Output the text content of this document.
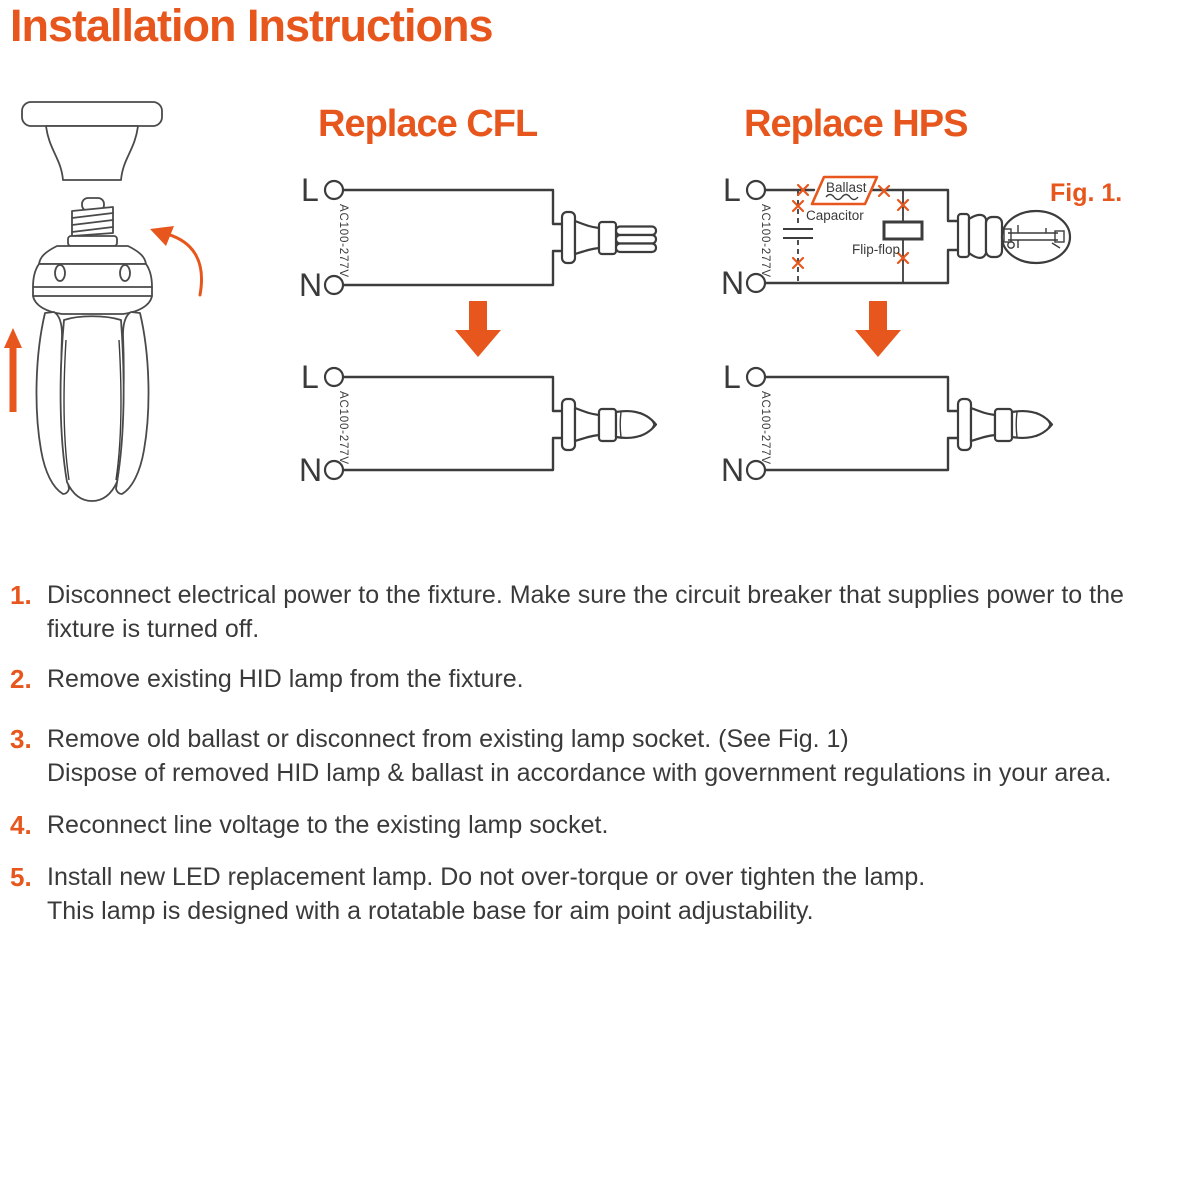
Installation Instructions
Replace CFL	Replace HPS
Fig. 1.
L
N
AC100-277V
L
N
AC100-277V
L
N
AC100-277V
L
N
AC100-277V
Ballast
Capacitor
Flip-flop
1. Disconnect electrical power to the fixture. Make sure the circuit breaker that supplies power to the
fixture is turned off.
2. Remove existing HID lamp from the fixture.
3. Remove old ballast or disconnect from existing lamp socket. (See Fig. 1)
Dispose of removed HID lamp & ballast in accordance with government regulations in your area.
4. Reconnect line voltage to the existing lamp socket.
5. Install new LED replacement lamp. Do not over-torque or over tighten the lamp.
This lamp is designed with a rotatable base for aim point adjustability.
